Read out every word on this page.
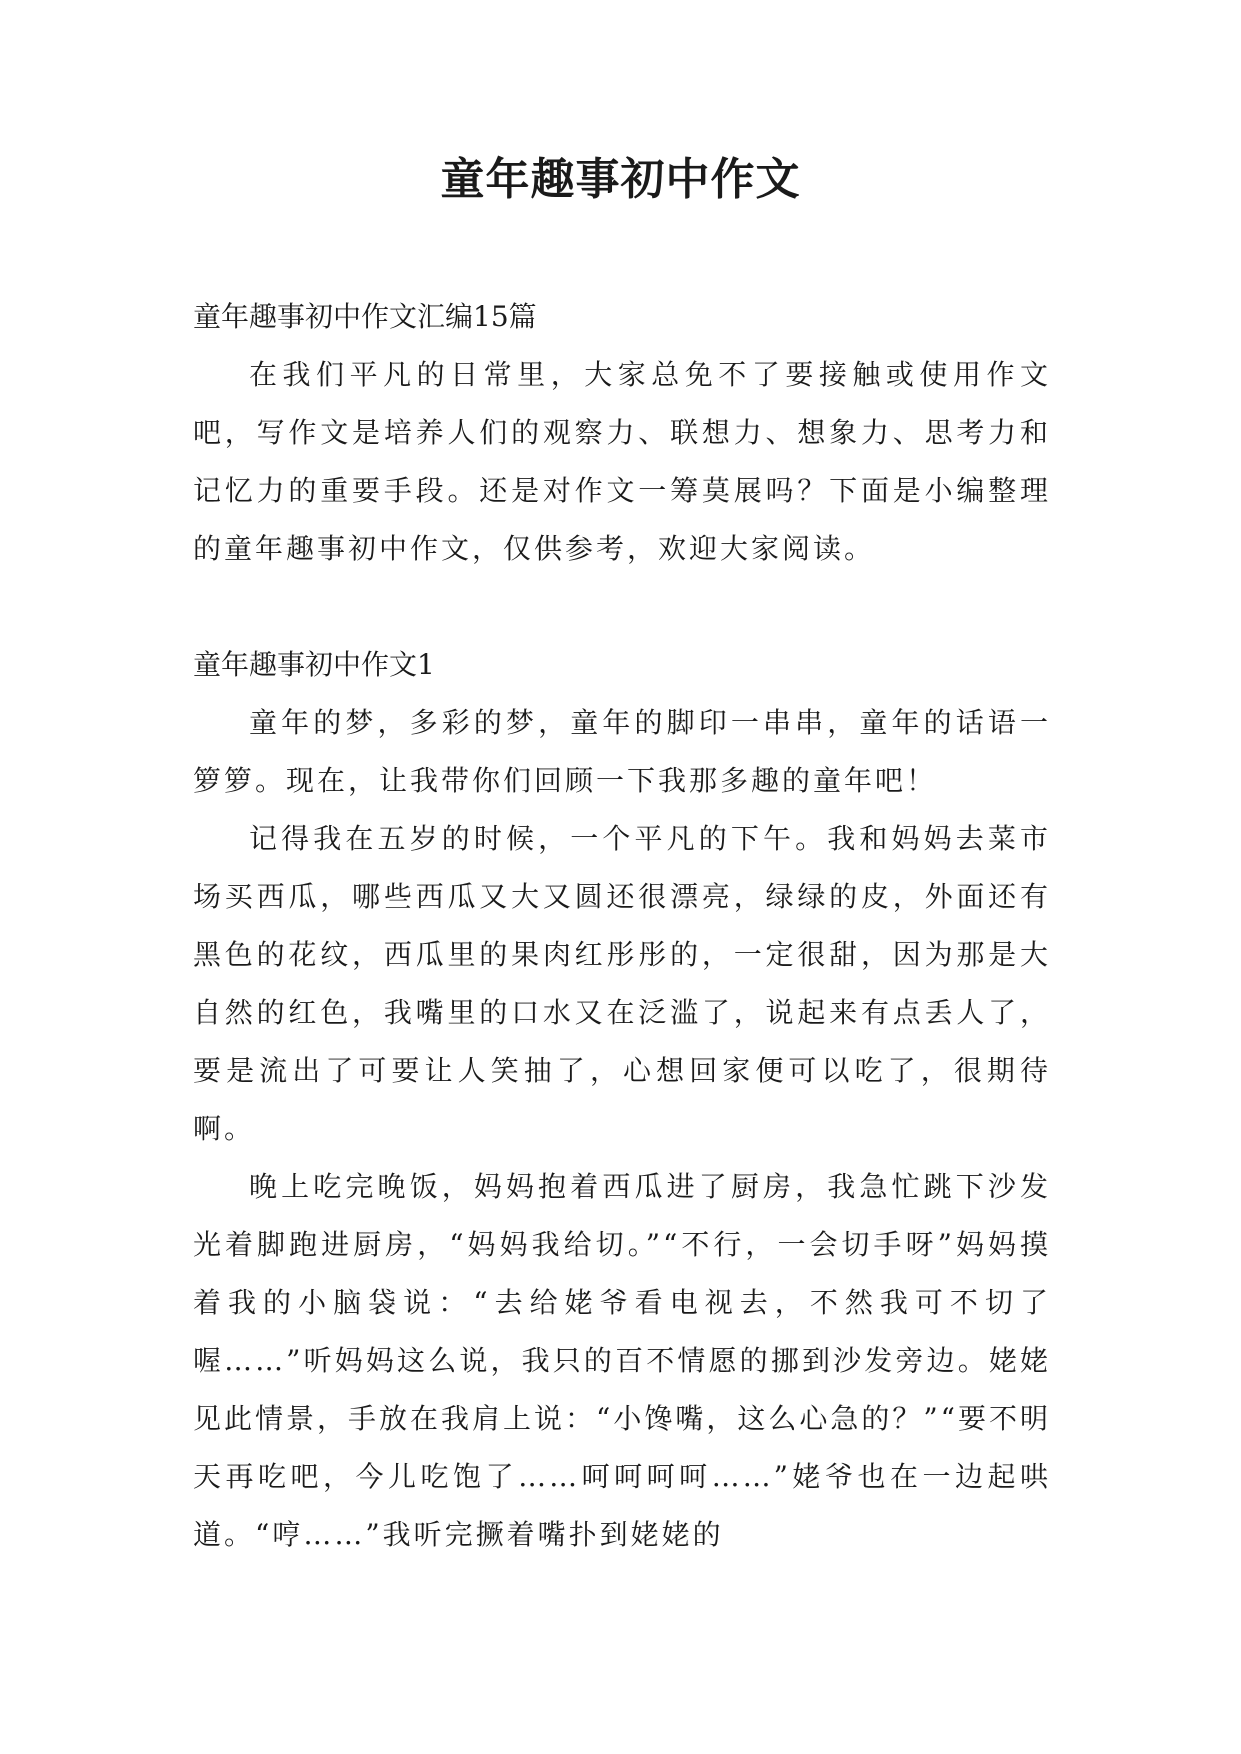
童年趣事初中作文

童年趣事初中作文汇编15篇

在我们平凡的日常里，大家总免不了要接触或使用作文吧，写作文是培养人们的观察力、联想力、想象力、思考力和记忆力的重要手段。还是对作文一筹莫展吗？下面是小编整理的童年趣事初中作文，仅供参考，欢迎大家阅读。

童年趣事初中作文1

童年的梦，多彩的梦，童年的脚印一串串，童年的话语一箩箩。现在，让我带你们回顾一下我那多趣的童年吧！

记得我在五岁的时候，一个平凡的下午。我和妈妈去菜市场买西瓜，哪些西瓜又大又圆还很漂亮，绿绿的皮，外面还有黑色的花纹，西瓜里的果肉红彤彤的，一定很甜，因为那是大自然的红色，我嘴里的口水又在泛滥了，说起来有点丢人了，要是流出了可要让人笑抽了，心想回家便可以吃了，很期待啊。

晚上吃完晚饭，妈妈抱着西瓜进了厨房，我急忙跳下沙发光着脚跑进厨房，“妈妈我给切。”“不行，一会切手呀”妈妈摸着我的小脑袋说：“去给姥爷看电视去，不然我可不切了喔……”听妈妈这么说，我只的百不情愿的挪到沙发旁边。姥姥见此情景，手放在我肩上说：“小馋嘴，这么心急的？”“要不明天再吃吧，今儿吃饱了……呵呵呵呵……”姥爷也在一边起哄道。“哼……”我听完撅着嘴扑到姥姥的
